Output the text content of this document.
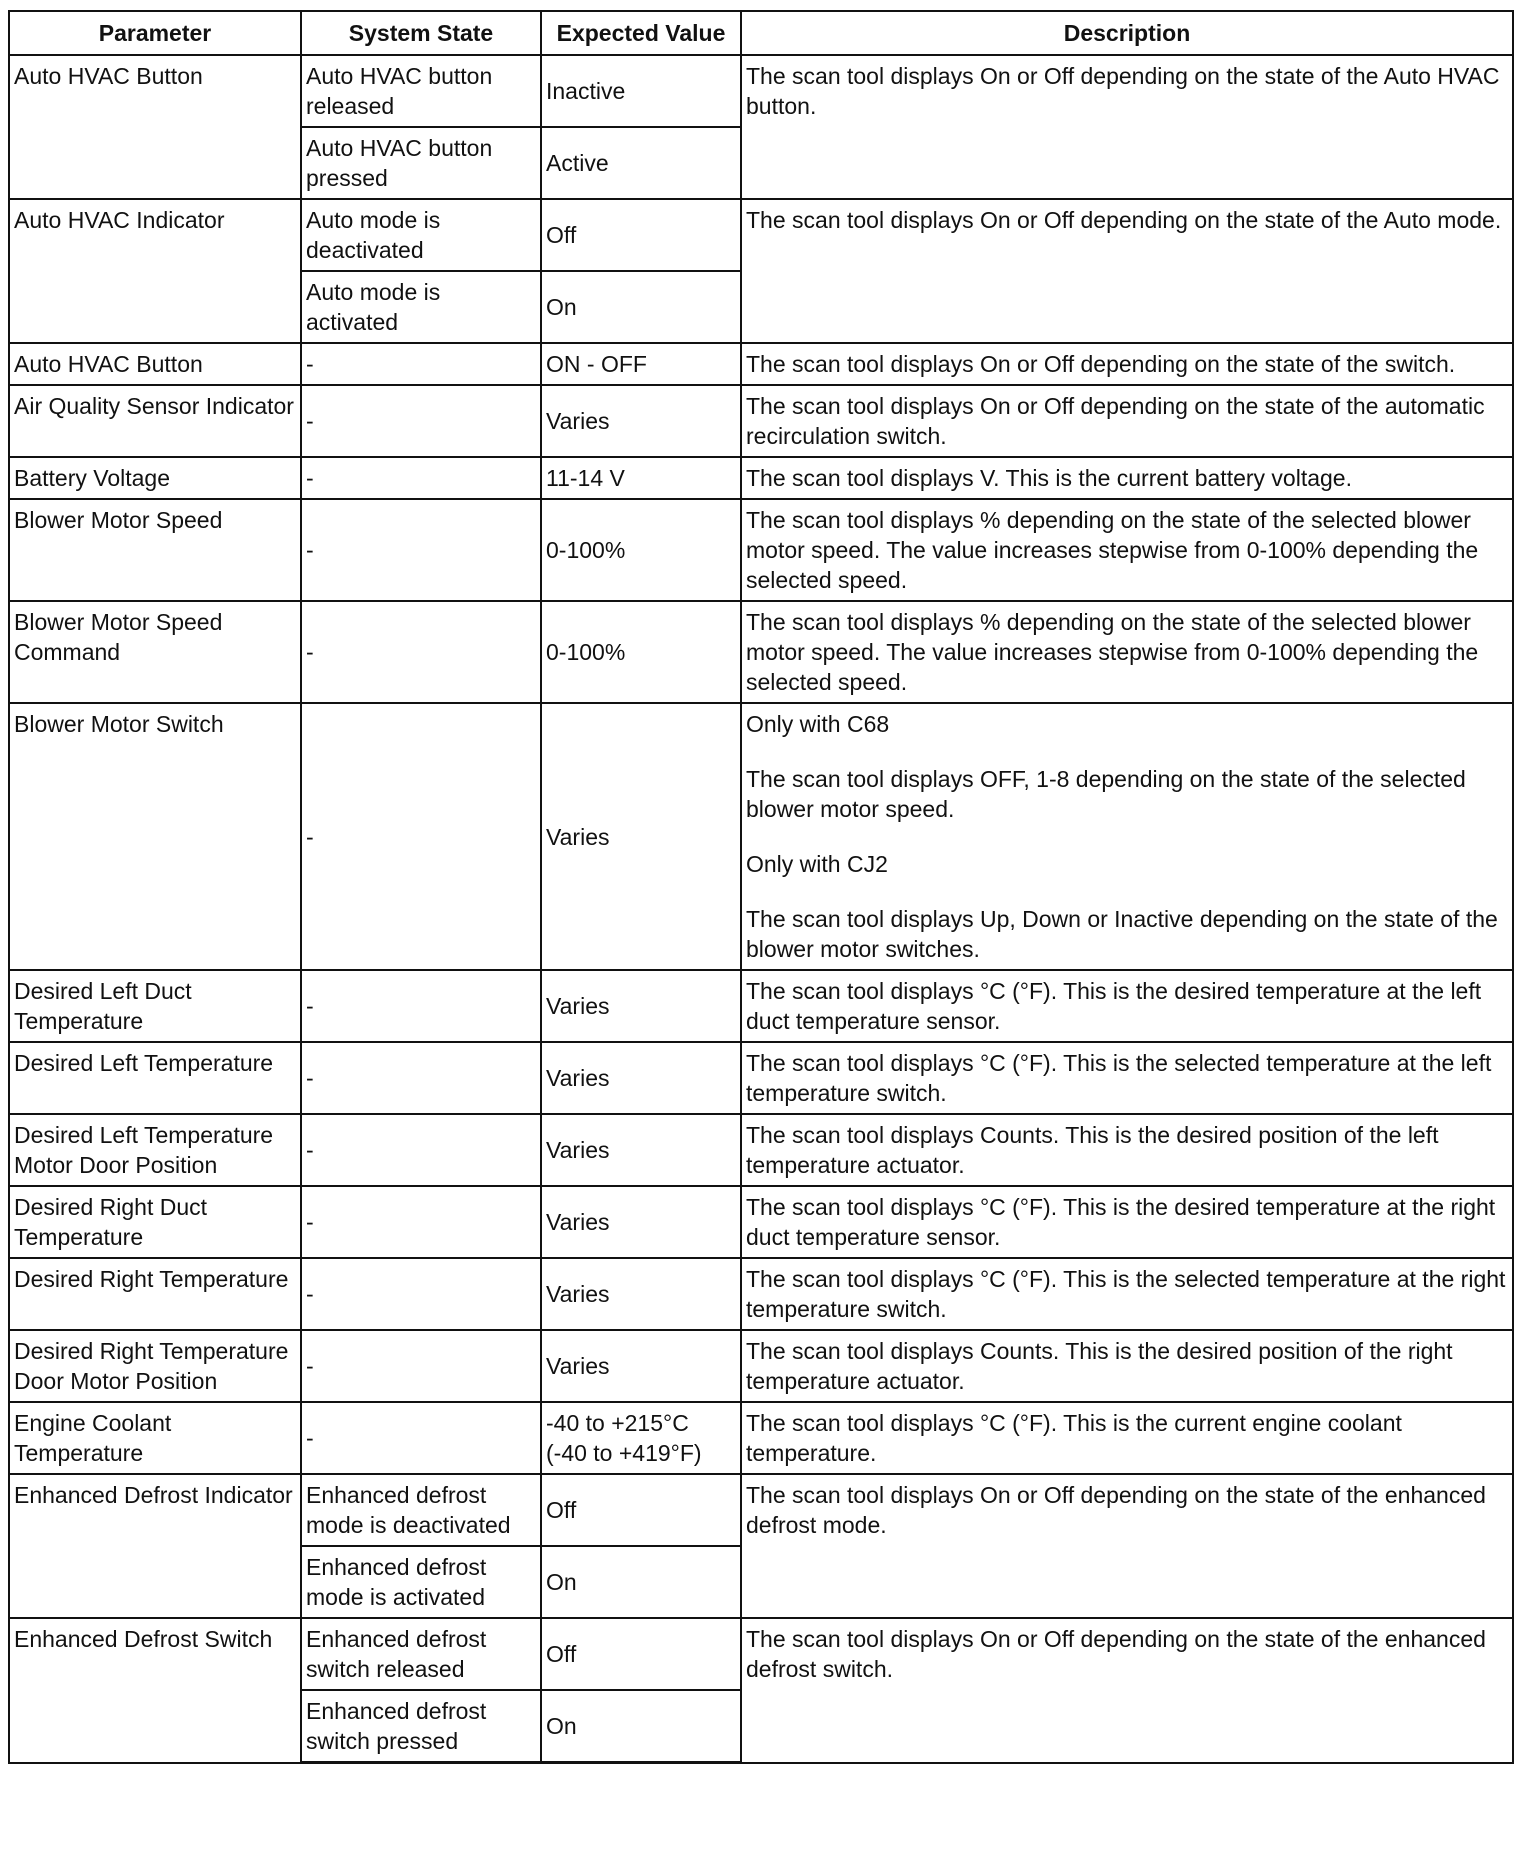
Parameter	System State	Expected Value	Description
Auto HVAC Button	Auto HVAC button released	Inactive	The scan tool displays On or Off depending on the state of the Auto HVAC button.

	Auto HVAC button pressed	Active	
Auto HVAC Indicator	Auto mode is deactivated	Off	The scan tool displays On or Off depending on the state of the Auto mode.

	Auto mode is activated	On	
Auto HVAC Button	-	ON - OFF	The scan tool displays On or Off depending on the state of the switch.

Air Quality Sensor Indicator	-	Varies	The scan tool displays On or Off depending on the state of the automatic recirculation switch.

Battery Voltage	-	11-14 V	The scan tool displays V. This is the current battery voltage.

Blower Motor Speed	-	0-100%	The scan tool displays % depending on the state of the selected blower motor speed. The value increases stepwise from 0-100% depending the selected speed.

Blower Motor Speed Command	-	0-100%	The scan tool displays % depending on the state of the selected blower motor speed. The value increases stepwise from 0-100% depending the selected speed.

Blower Motor Switch	-	Varies	Only with C68

The scan tool displays OFF, 1-8 depending on the state of the selected blower motor speed.

Only with CJ2

The scan tool displays Up, Down or Inactive depending on the state of the blower motor switches.

Desired Left Duct Temperature	-	Varies	The scan tool displays °C (°F). This is the desired temperature at the left duct temperature sensor.

Desired Left Temperature	-	Varies	The scan tool displays °C (°F). This is the selected temperature at the left temperature switch.

Desired Left Temperature Motor Door Position	-	Varies	The scan tool displays Counts. This is the desired position of the left temperature actuator.

Desired Right Duct Temperature	-	Varies	The scan tool displays °C (°F). This is the desired temperature at the right duct temperature sensor.

Desired Right Temperature	-	Varies	The scan tool displays °C (°F). This is the selected temperature at the right temperature switch.

Desired Right Temperature Door Motor Position	-	Varies	The scan tool displays Counts. This is the desired position of the right temperature actuator.

Engine Coolant Temperature	-	-40 to +215°C (-40 to +419°F)	The scan tool displays °C (°F). This is the current engine coolant temperature.

Enhanced Defrost Indicator	Enhanced defrost mode is deactivated	Off	The scan tool displays On or Off depending on the state of the enhanced defrost mode.

	Enhanced defrost mode is activated	On	
Enhanced Defrost Switch	Enhanced defrost switch released	Off	The scan tool displays On or Off depending on the state of the enhanced defrost switch.

	Enhanced defrost switch pressed	On	
